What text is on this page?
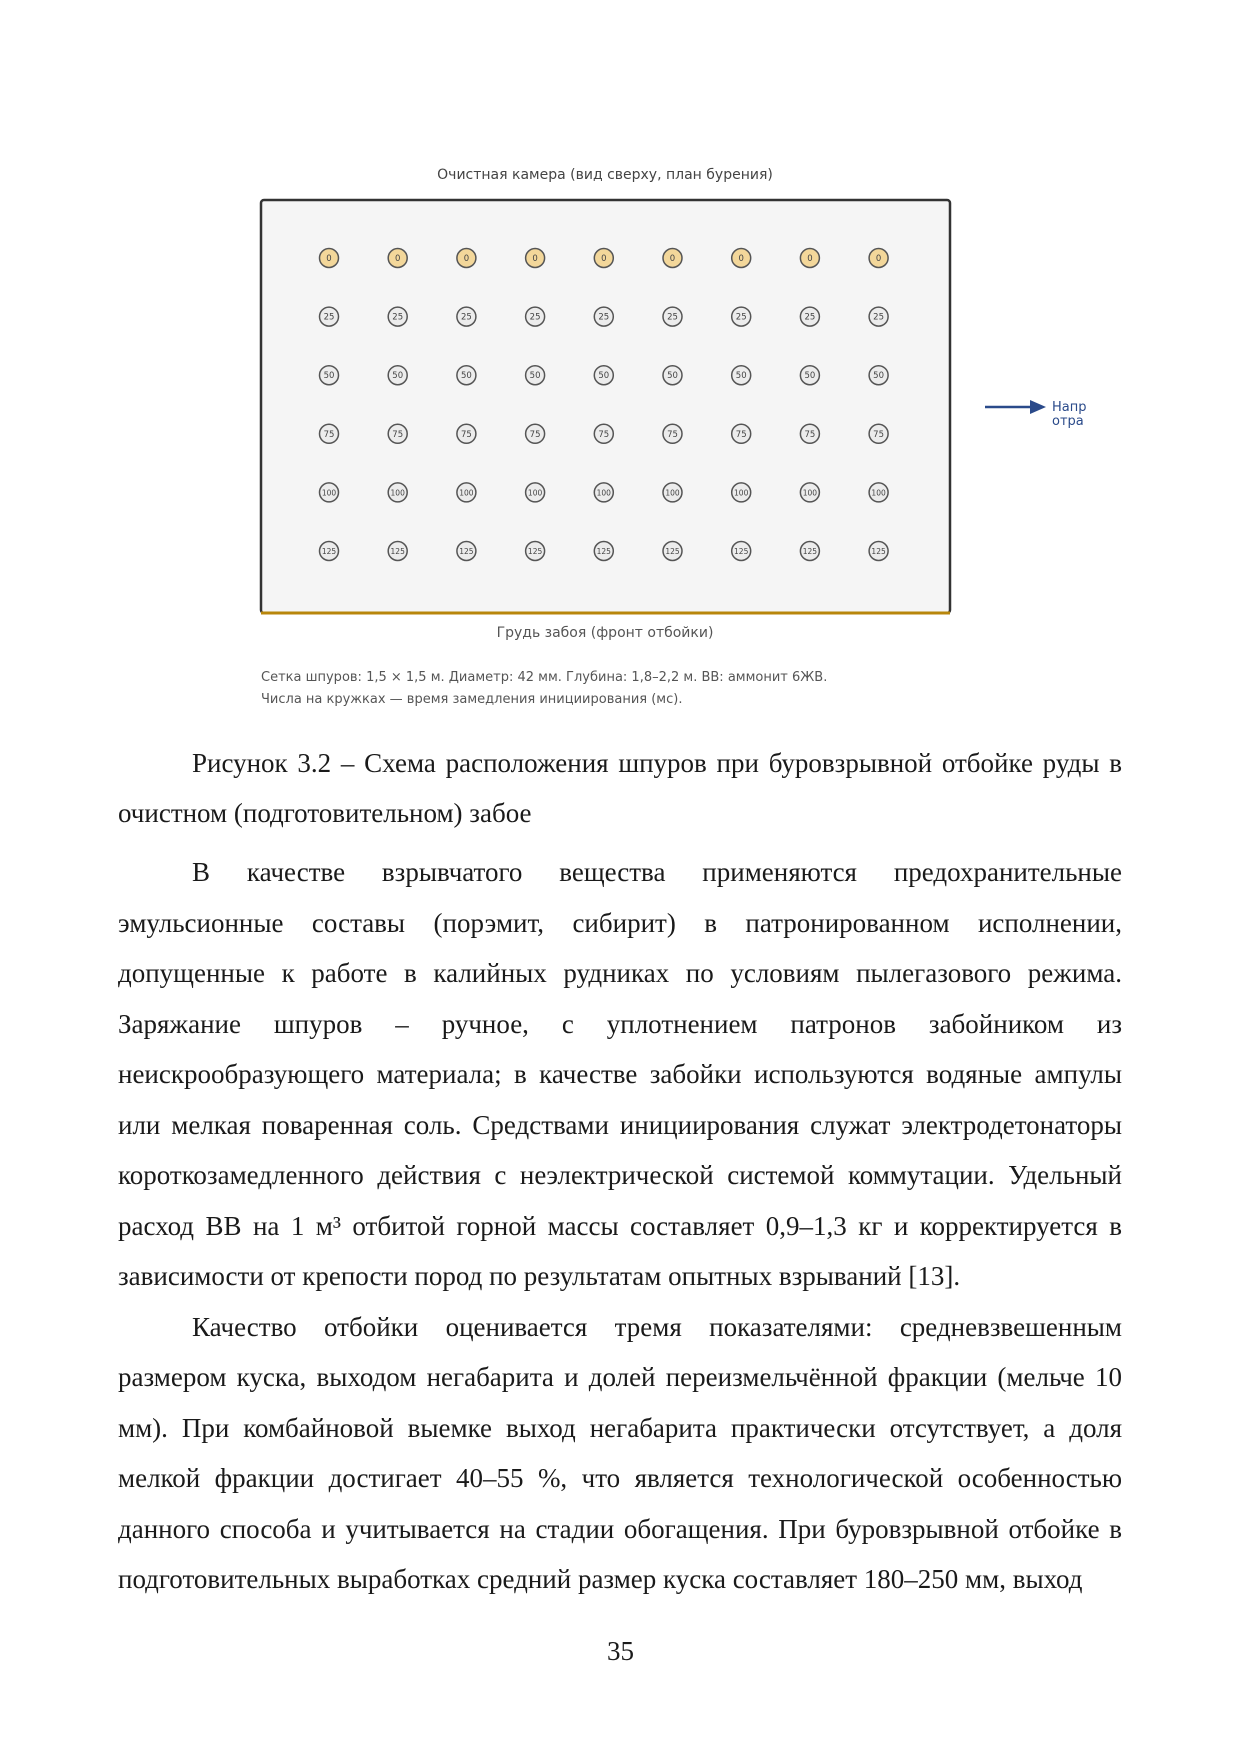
Очистная камера (вид сверху, план бурения)
0	0	0	0	0	0	0	0	0
25	25	25	25	25	25	25	25	25
50	50	50	50	50	50	50	50	50
75	75	75	75	75	75	75	75	75
100	100	100	100	100	100	100	100	100
125	125	125	125	125	125	125	125	125
Напр
отра
Грудь забоя (фронт отбойки)
Сетка шпуров: 1,5 × 1,5 м. Диаметр: 42 мм. Глубина: 1,8–2,2 м. ВВ: аммонит 6ЖВ.
Числа на кружках — время замедления инициирования (мс).

Рисунок 3.2 – Схема расположения шпуров при буровзрывной отбойке руды в очистном (подготовительном) забое

В качестве взрывчатого вещества применяются предохранительные эмульсионные составы (порэмит, сибирит) в патронированном исполнении, допущенные к работе в калийных рудниках по условиям пылегазового режима. Заряжание шпуров – ручное, с уплотнением патронов забойником из неискрообразующего материала; в качестве забойки используются водяные ампулы или мелкая поваренная соль. Средствами инициирования служат электродетонаторы короткозамедленного действия с неэлектрической системой коммутации. Удельный расход ВВ на 1 м³ отбитой горной массы составляет 0,9–1,3 кг и корректируется в зависимости от крепости пород по результатам опытных взрываний [13].

Качество отбойки оценивается тремя показателями: средневзвешенным размером куска, выходом негабарита и долей переизмельчённой фракции (мельче 10 мм). При комбайновой выемке выход негабарита практически отсутствует, а доля мелкой фракции достигает 40–55 %, что является технологической особенностью данного способа и учитывается на стадии обогащения. При буровзрывной отбойке в подготовительных выработках средний размер куска составляет 180–250 мм, выход

35
